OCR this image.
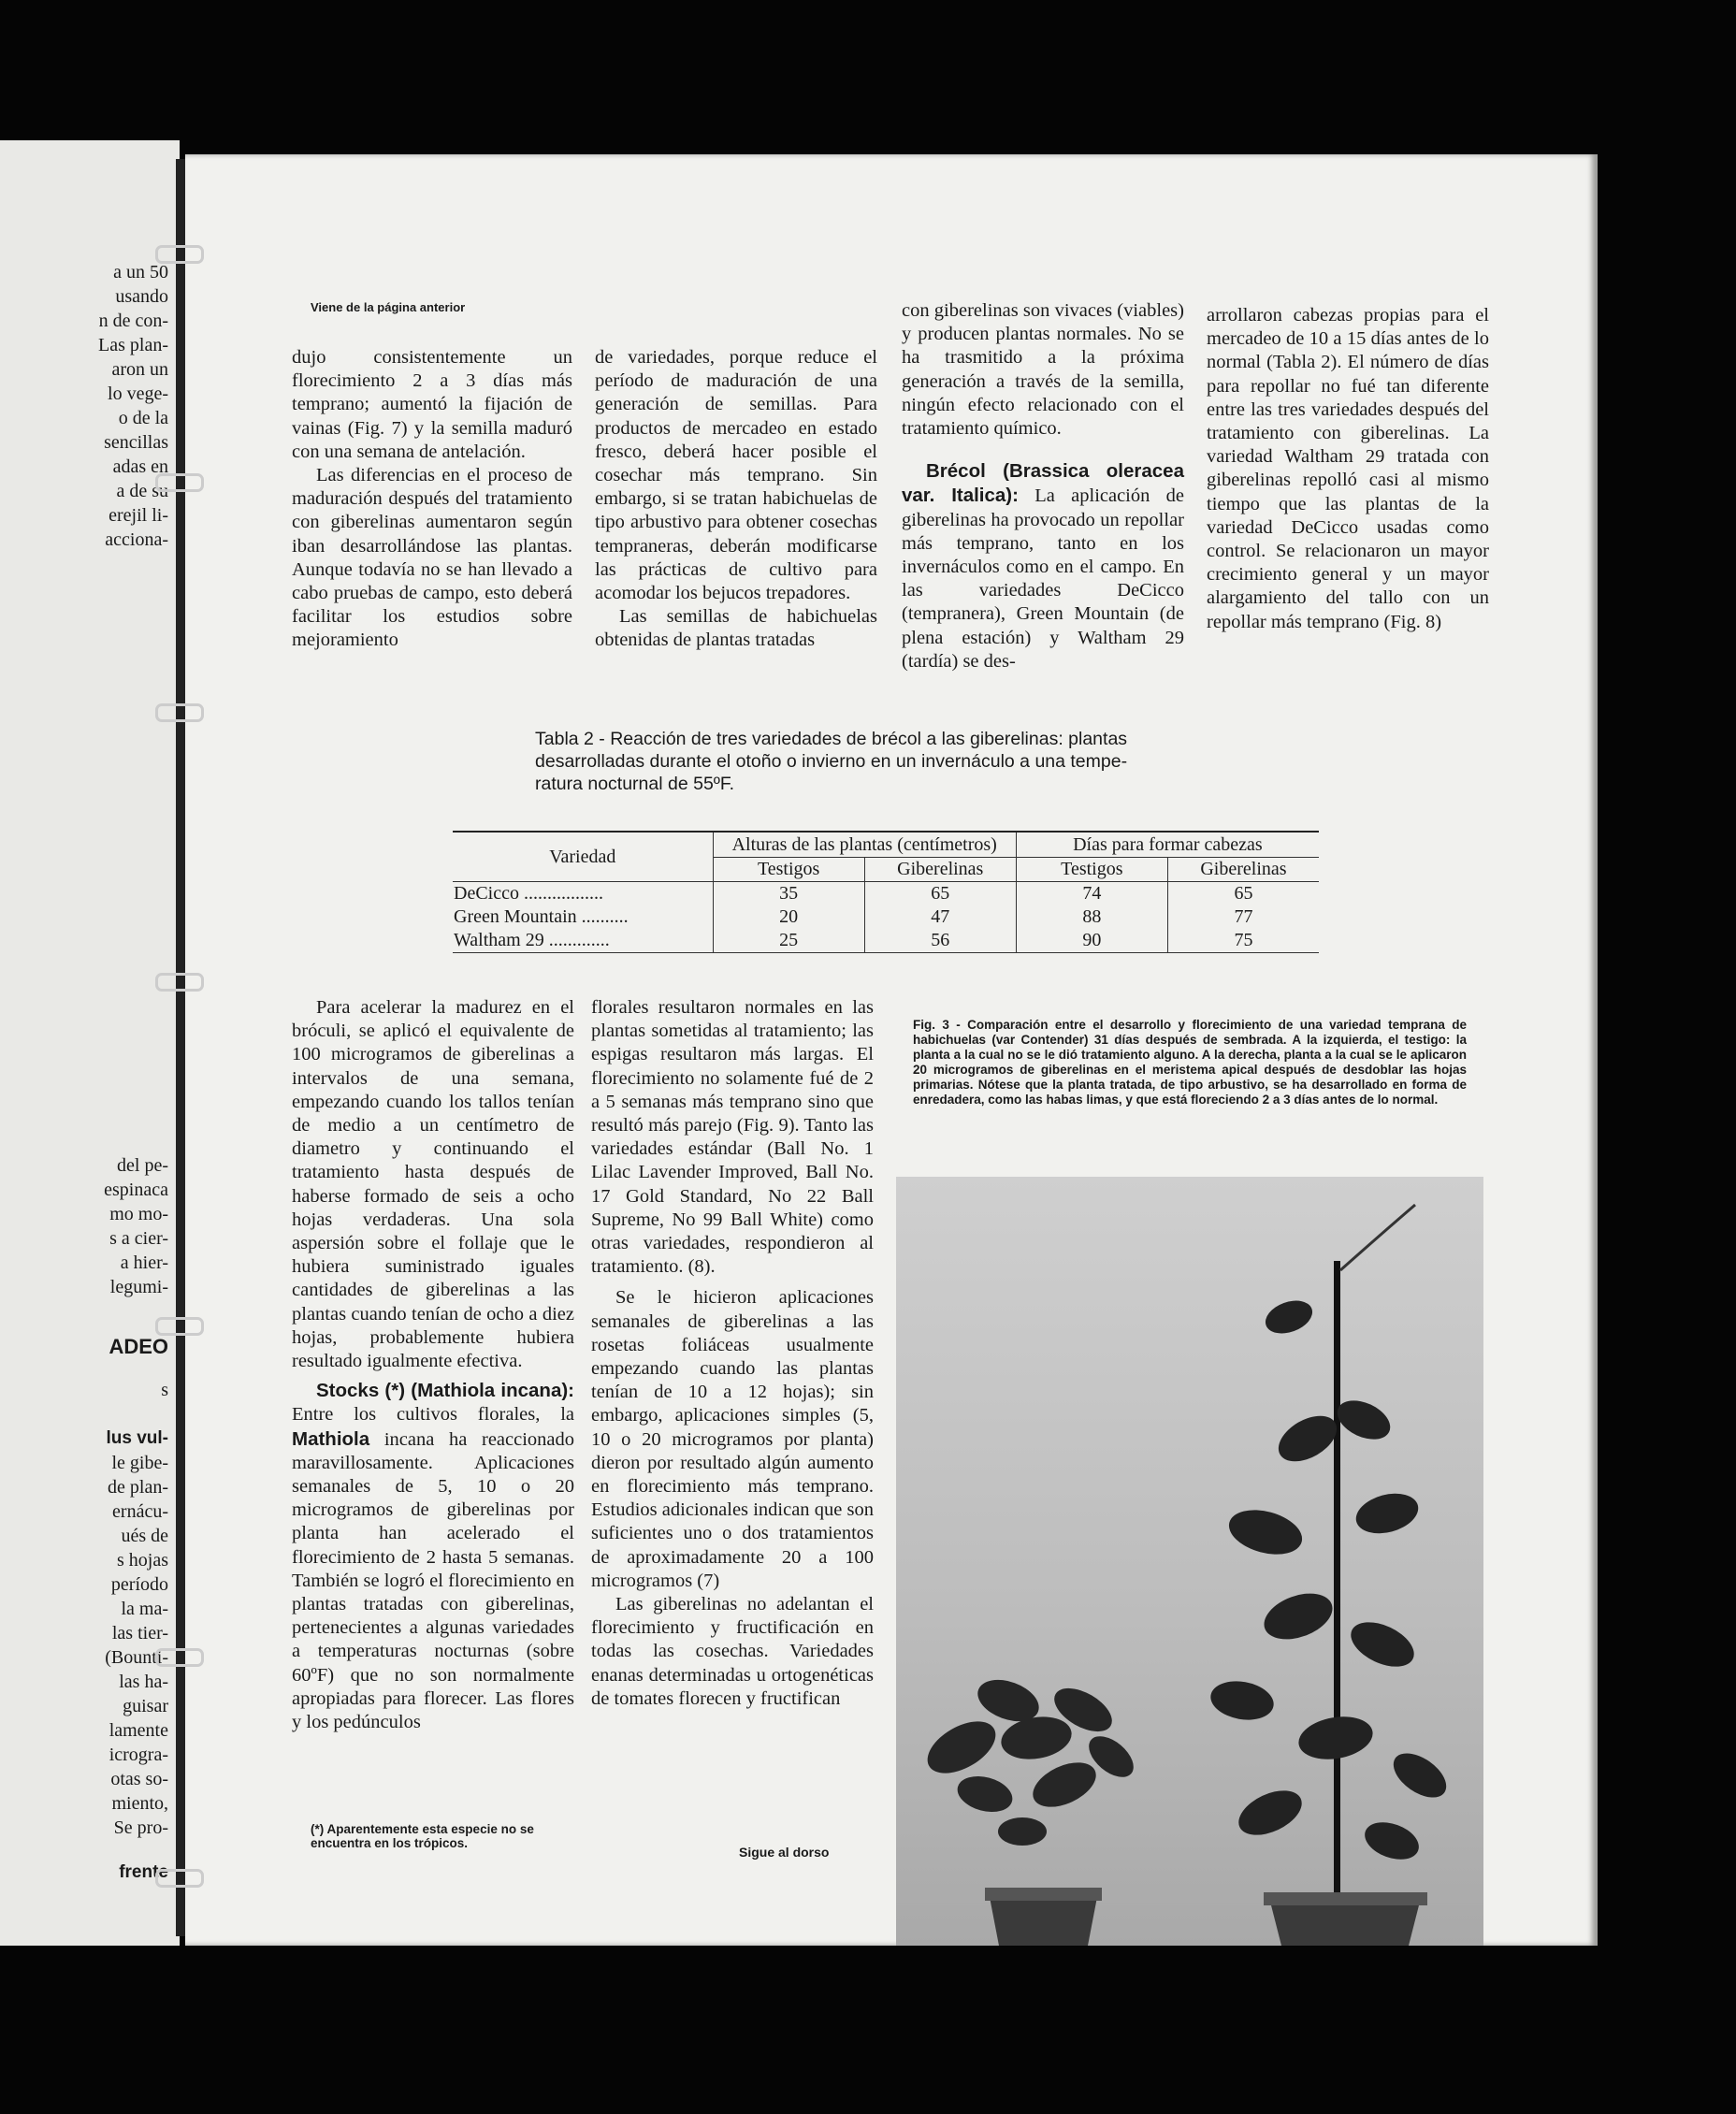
a un 50
usando
n de con-
Las plan-
aron un
lo vege-
o de la
sencillas
adas en
a de su
erejil li-
acciona-
del pe-
espinaca
mo mo-
s a cier-
a hier-
legumi-
ADEO
s
lus vul-
le gibe-
de plan-
ernácu-
ués de
s hojas
período
la ma-
las tier-
(Bounti-
las ha-
guisar
lamente
icrogra-
otas so-
miento,
Se pro-
frente
Viene de la página anterior

dujo consistentemente un florecimiento 2 a 3 días más temprano; aumentó la fijación de vainas (Fig. 7) y la semilla maduró con una semana de antelación.

Las diferencias en el proceso de maduración después del tratamiento con giberelinas aumentaron según iban desarrollándose las plantas. Aunque todavía no se han llevado a cabo pruebas de campo, esto deberá facilitar los estudios sobre mejoramiento

de variedades, porque reduce el período de maduración de una generación de semillas. Para productos de mercadeo en estado fresco, deberá hacer posible el cosechar más temprano. Sin embargo, si se tratan habichuelas de tipo arbustivo para obtener cosechas tempraneras, deberán modificarse las prácticas de cultivo para acomodar los bejucos trepadores.

Las semillas de habichuelas obtenidas de plantas tratadas

con giberelinas son vivaces (viables) y producen plantas normales. No se ha trasmitido a la próxima generación a través de la semilla, ningún efecto relacionado con el tratamiento químico.

Brécol (Brassica oleracea var. Italica): La aplicación de giberelinas ha provocado un repollar más temprano, tanto en los invernáculos como en el campo. En las variedades DeCicco (tempranera), Green Mountain (de plena estación) y Waltham 29 (tardía) se des-

arrollaron cabezas propias para el mercadeo de 10 a 15 días antes de lo normal (Tabla 2). El número de días para repollar no fué tan diferente entre las tres variedades después del tratamiento con giberelinas. La variedad Waltham 29 tratada con giberelinas repolló casi al mismo tiempo que las plantas de la variedad DeCicco usadas como control. Se relacionaron un mayor crecimiento general y un mayor alargamiento del tallo con un repollar más temprano (Fig. 8)

Tabla 2 - Reacción de tres variedades de brécol a las giberelinas: plantas
desarrolladas durante el otoño o invierno en un invernáculo a una tempe-
ratura nocturnal de 55ºF.
Variedad	Alturas de las plantas (centímetros)		Días para formar cabezas	
	Testigos	Giberelinas	Testigos	Giberelinas
DeCicco .................	35	65	74	65
Green Mountain ..........	20	47	88	77
Waltham 29 .............	25	56	90	75

Para acelerar la madurez en el bróculi, se aplicó el equivalente de 100 microgramos de giberelinas a intervalos de una semana, empezando cuando los tallos tenían de medio a un centímetro de diametro y continuando el tratamiento hasta después de haberse formado de seis a ocho hojas verdaderas. Una sola aspersión sobre el follaje que le hubiera suministrado iguales cantidades de giberelinas a las plantas cuando tenían de ocho a diez hojas, probablemente hubiera resultado igualmente efectiva.

Stocks (*) (Mathiola incana): Entre los cultivos florales, la Mathiola incana ha reaccionado maravillosamente. Aplicaciones semanales de 5, 10 o 20 microgramos de giberelinas por planta han acelerado el florecimiento de 2 hasta 5 semanas. También se logró el florecimiento en plantas tratadas con giberelinas, pertenecientes a algunas variedades a temperaturas nocturnas (sobre 60ºF) que no son normalmente apropiadas para florecer. Las flores y los pedúnculos

(*) Aparentemente esta especie no se encuentra en los trópicos.

florales resultaron normales en las plantas sometidas al tratamiento; las espigas resultaron más largas. El florecimiento no solamente fué de 2 a 5 semanas más temprano sino que resultó más parejo (Fig. 9). Tanto las variedades estándar (Ball No. 1 Lilac Lavender Improved, Ball No. 17 Gold Standard, No 22 Ball Supreme, No 99 Ball White) como otras variedades, respondieron al tratamiento. (8).

Se le hicieron aplicaciones semanales de giberelinas a las rosetas foliáceas usualmente empezando cuando las plantas tenían de 10 a 12 hojas); sin embargo, aplicaciones simples (5, 10 o 20 microgramos por planta) dieron por resultado algún aumento en florecimiento más temprano. Estudios adicionales indican que son suficientes uno o dos tratamientos de aproximadamente 20 a 100 microgramos (7)

Las giberelinas no adelantan el florecimiento y fructificación en todas las cosechas. Variedades enanas determinadas u ortogenéticas de tomates florecen y fructifican

Sigue al dorso
Fig. 3 - Comparación entre el desarrollo y florecimiento de una variedad temprana de habichuelas (var Contender) 31 días después de sembrada. A la izquierda, el testigo: la planta a la cual no se le dió tratamiento alguno. A la derecha, planta a la cual se le aplicaron 20 microgramos de giberelinas en el meristema apical después de desdoblar las hojas primarias. Nótese que la planta tratada, de tipo arbustivo, se ha desarrollado en forma de enredadera, como las habas limas, y que está floreciendo 2 a 3 días antes de lo normal.
